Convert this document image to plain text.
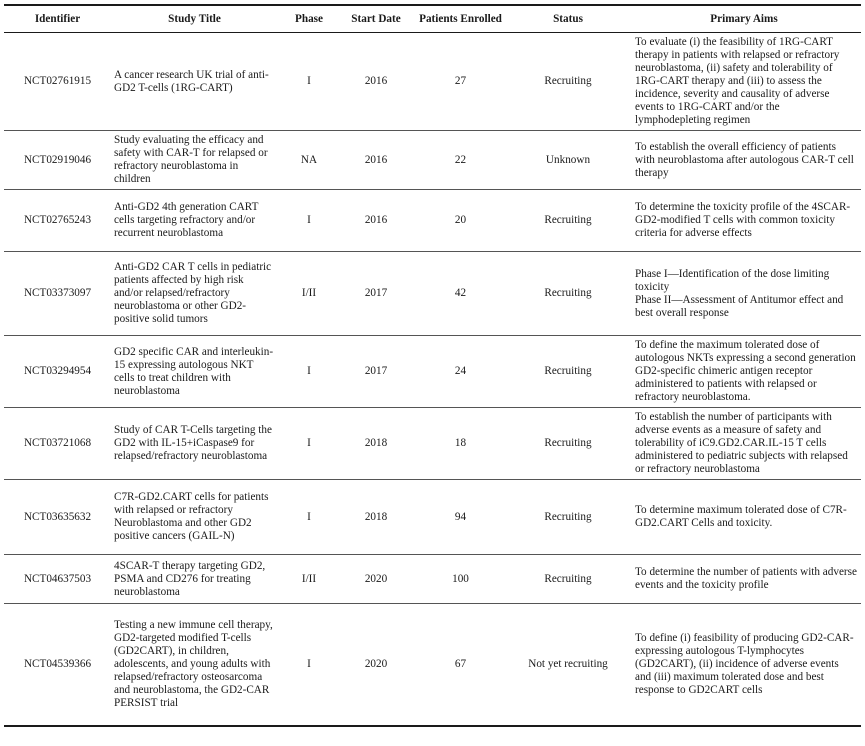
Identifier	Study Title	Phase	Start Date	Patients Enrolled	Status	Primary Aims
NCT02761915	A cancer research UK trial of anti-GD2 T-cells (1RG-CART)	I	2016	27	Recruiting	To evaluate (i) the feasibility of 1RG-CART therapy in patients with relapsed or refractory neuroblastoma, (ii) safety and tolerability of 1RG-CART therapy and (iii) to assess the incidence, severity and causality of adverse events to 1RG-CART and/or the lymphodepleting regimen

NCT02919046	Study evaluating the efficacy and safety with CAR-T for relapsed or refractory neuroblastoma in children	NA	2016	22	Unknown	To establish the overall efficiency of patients with neuroblastoma after autologous CAR-T cell therapy

NCT02765243	Anti-GD2 4th generation CART cells targeting refractory and/or recurrent neuroblastoma	I	2016	20	Recruiting	To determine the toxicity profile of the 4SCAR-GD2-modified T cells with common toxicity criteria for adverse effects

NCT03373097	Anti-GD2 CAR T cells in pediatric patients affected by high risk and/or relapsed/refractory neuroblastoma or other GD2-positive solid tumors	I/II	2017	42	Recruiting	Phase I—Identification of the dose limiting toxicity
Phase II—Assessment of Antitumor effect and best overall response

NCT03294954	GD2 specific CAR and interleukin-15 expressing autologous NKT cells to treat children with neuroblastoma	I	2017	24	Recruiting	To define the maximum tolerated dose of autologous NKTs expressing a second generation GD2-specific chimeric antigen receptor administered to patients with relapsed or refractory neuroblastoma.

NCT03721068	Study of CAR T-Cells targeting the GD2 with IL-15+iCaspase9 for relapsed/refractory neuroblastoma	I	2018	18	Recruiting	To establish the number of participants with adverse events as a measure of safety and tolerability of iC9.GD2.CAR.IL-15 T cells administered to pediatric subjects with relapsed or refractory neuroblastoma

NCT03635632	C7R-GD2.CART cells for patients with relapsed or refractory Neuroblastoma and other GD2 positive cancers (GAIL-N)	I	2018	94	Recruiting	To determine maximum tolerated dose of C7R-GD2.CART Cells and toxicity.

NCT04637503	4SCAR-T therapy targeting GD2, PSMA and CD276 for treating neuroblastoma	I/II	2020	100	Recruiting	To determine the number of patients with adverse events and the toxicity profile

NCT04539366	Testing a new immune cell therapy, GD2-targeted modified T-cells (GD2CART), in children, adolescents, and young adults with relapsed/refractory osteosarcoma and neuroblastoma, the GD2-CAR PERSIST trial	I	2020	67	Not yet recruiting	To define (i) feasibility of producing GD2-CAR-expressing autologous T-lymphocytes (GD2CART), (ii) incidence of adverse events and (iii) maximum tolerated dose and best response to GD2CART cells
